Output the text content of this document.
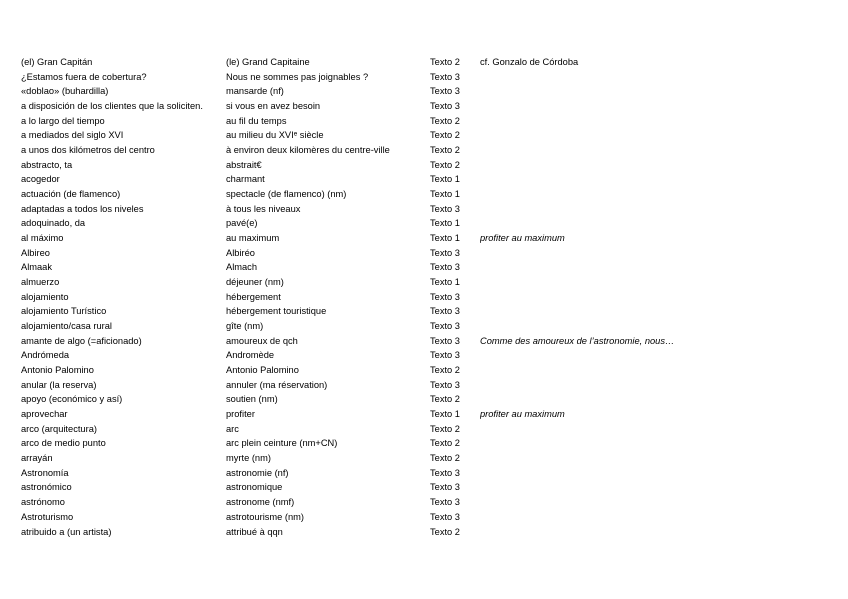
(el) Gran Capitán	(le) Grand Capitaine	Texto 2	cf. Gonzalo de Córdoba
¿Estamos fuera de cobertura?	Nous ne sommes pas joignables ?	Texto 3
«doblao» (buhardilla)	mansarde (nf)	Texto 3
a disposición de los clientes que la soliciten.	si vous en avez besoin	Texto 3
a lo largo del tiempo	au fil du temps	Texto 2
a mediados del siglo XVI	au milieu du XVIᵉ siècle	Texto 2
a unos dos kilómetros del centro	à environ deux kilomères du centre-ville	Texto 2
abstracto, ta	abstrait€	Texto 2
acogedor	charmant	Texto 1
actuación (de flamenco)	spectacle (de flamenco) (nm)	Texto 1
adaptadas a todos los niveles	à tous les niveaux	Texto 3
adoquinado, da	pavé(e)	Texto 1
al máximo	au maximum	Texto 1	profiter au maximum
Albireo	Albiréo	Texto 3
Almaak	Almach	Texto 3
almuerzo	déjeuner (nm)	Texto 1
alojamiento	hébergement	Texto 3
alojamiento Turístico	hébergement touristique	Texto 3
alojamiento/casa rural	gîte (nm)	Texto 3
amante de algo (=aficionado)	amoureux de qch	Texto 3	Comme des amoureux de l’astronomie, nous…
Andrómeda	Andromède	Texto 3
Antonio Palomino	Antonio Palomino	Texto 2
anular (la reserva)	annuler (ma réservation)	Texto 3
apoyo (económico y así)	soutien (nm)	Texto 2
aprovechar	profiter	Texto 1	profiter au maximum
arco (arquitectura)	arc	Texto 2
arco de medio punto	arc plein ceinture (nm+CN)	Texto 2
arrayán	myrte (nm)	Texto 2
Astronomía	astronomie (nf)	Texto 3
astronómico	astronomique	Texto 3
astrónomo	astronome (nmf)	Texto 3
Astroturismo	astrotourisme (nm)	Texto 3
atribuido a (un artista)	attribué à qqn	Texto 2
